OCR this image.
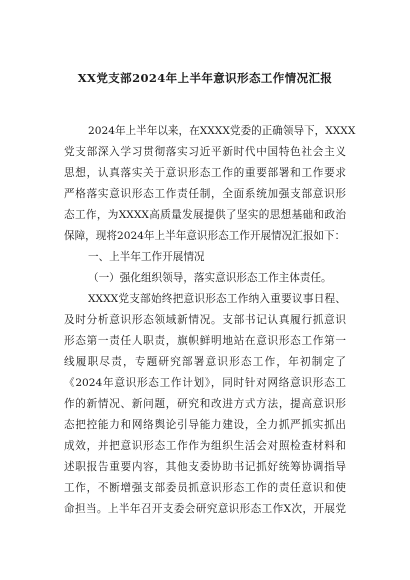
XX党支部2024年上半年意识形态工作情况汇报
2024年上半年以来，在XXXX党委的正确领导下，XXXX
党支部深入学习贯彻落实习近平新时代中国特色社会主义
思想，认真落实关于意识形态工作的重要部署和工作要求
严格落实意识形态工作责任制，全面系统加强支部意识形
态工作，为XXXX高质量发展提供了坚实的思想基础和政治
保障，现将2024年上半年意识形态工作开展情况汇报如下：
一、上半年工作开展情况
（一）强化组织领导，落实意识形态工作主体责任。
XXXX党支部始终把意识形态工作纳入重要议事日程、
及时分析意识形态领域新情况。支部书记认真履行抓意识
形态第一责任人职责，旗帜鲜明地站在意识形态工作第一
线履职尽责，专题研究部署意识形态工作，年初制定了
《2024年意识形态工作计划》，同时针对网络意识形态工
作的新情况、新问题，研究和改进方式方法，提高意识形
态把控能力和网络舆论引导能力建设，全力抓严抓实抓出
成效，并把意识形态工作作为组织生活会对照检查材料和
述职报告重要内容，其他支委协助书记抓好统筹协调指导
工作，不断增强支部委员抓意识形态工作的责任意识和使
命担当。上半年召开支委会研究意识形态工作X次，开展党
